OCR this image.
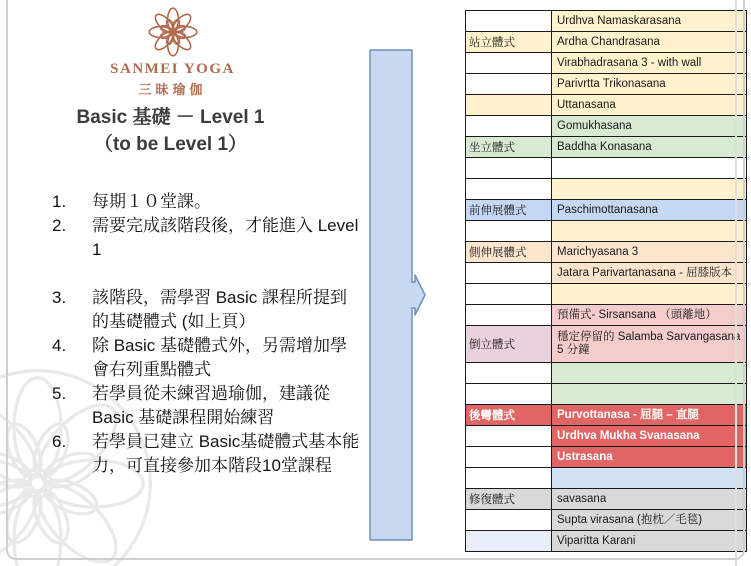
SANMEI YOGA
三昧瑜伽
Basic 基礎 － Level 1
（to be Level 1）
1.	每期１０堂課。
2.	需要完成該階段後，才能進入 Level 1
3.	該階段，需學習 Basic 課程所提到的基礎體式 (如上頁）
4.	除 Basic 基礎體式外，另需增加學會右列重點體式
5.	若學員從未練習過瑜伽，建議從 Basic 基礎課程開始練習
6.	若學員已建立 Basic基礎體式基本能力，可直接參加本階段10堂課程
	Urdhva Namaskarasana
站立體式	Ardha Chandrasana
	Virabhadrasana 3 - with wall
	Parivrtta Trikonasana
	Uttanasana
	Gomukhasana
坐立體式	Baddha Konasana

前伸展體式	Paschimottanasana

側伸展體式	Marichyasana 3
	Jatara Parivartanasana - 屈膝版本

	預備式- Sirsansana （頭離地）
倒立體式	穩定停留的 Salamba Sarvangasana 5 分鐘

後彎體式	Purvottanasa - 屈腿 – 直腿
	Urdhva Mukha Svanasana
	Ustrasana

修復體式	savasana
	Supta virasana (抱枕／毛毯)
	Viparitta Karani
